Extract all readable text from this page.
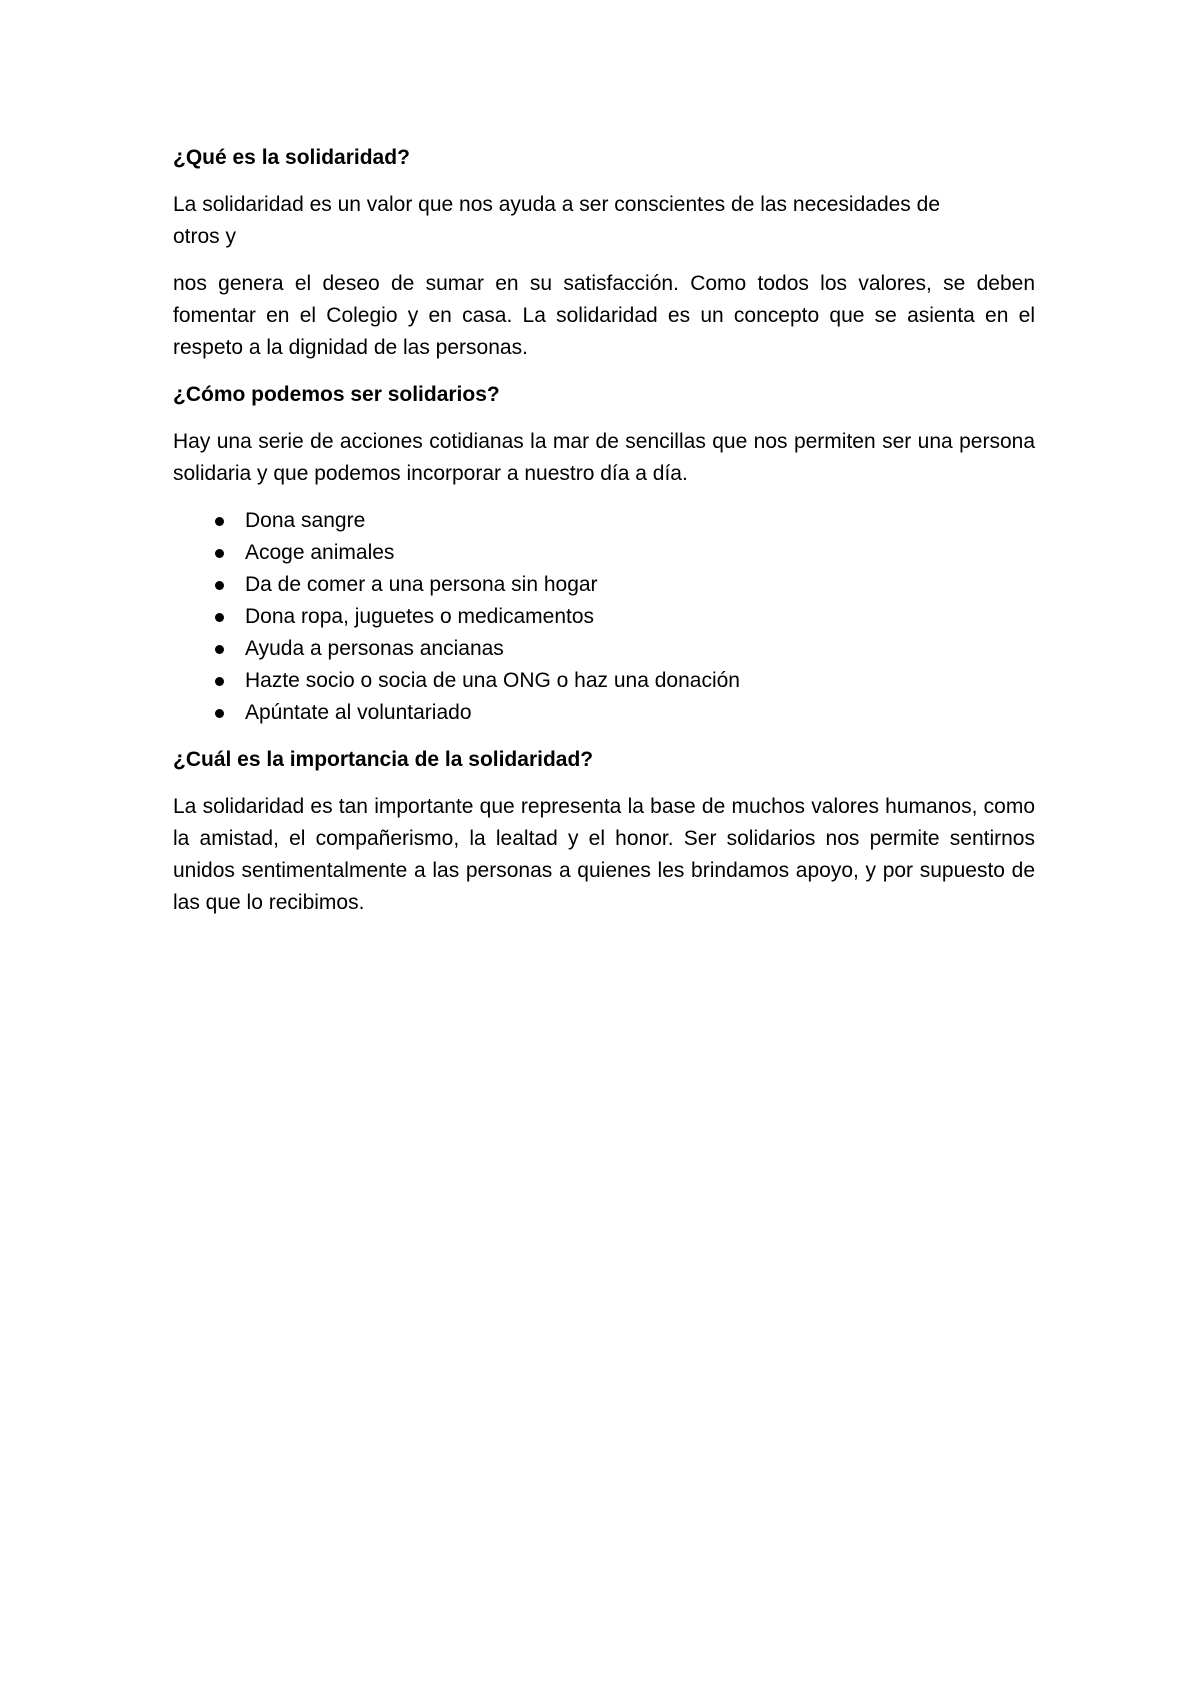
¿Qué es la solidaridad?

La solidaridad es un valor que nos ayuda a ser conscientes de las necesidades de otros y

nos genera el deseo de sumar en su satisfacción. Como todos los valores, se deben fomentar en el Colegio y en casa. La solidaridad es un concepto que se asienta en el respeto a la dignidad de las personas.

¿Cómo podemos ser solidarios?

Hay una serie de acciones cotidianas la mar de sencillas que nos permiten ser una persona solidaria y que podemos incorporar a nuestro día a día.

Dona sangre
Acoge animales
Da de comer a una persona sin hogar
Dona ropa, juguetes o medicamentos
Ayuda a personas ancianas
Hazte socio o socia de una ONG o haz una donación
Apúntate al voluntariado
¿Cuál es la importancia de la solidaridad?

La solidaridad es tan importante que representa la base de muchos valores humanos, como la amistad, el compañerismo, la lealtad y el honor. Ser solidarios nos permite sentirnos unidos sentimentalmente a las personas a quienes les brindamos apoyo, y por supuesto de las que lo recibimos.
